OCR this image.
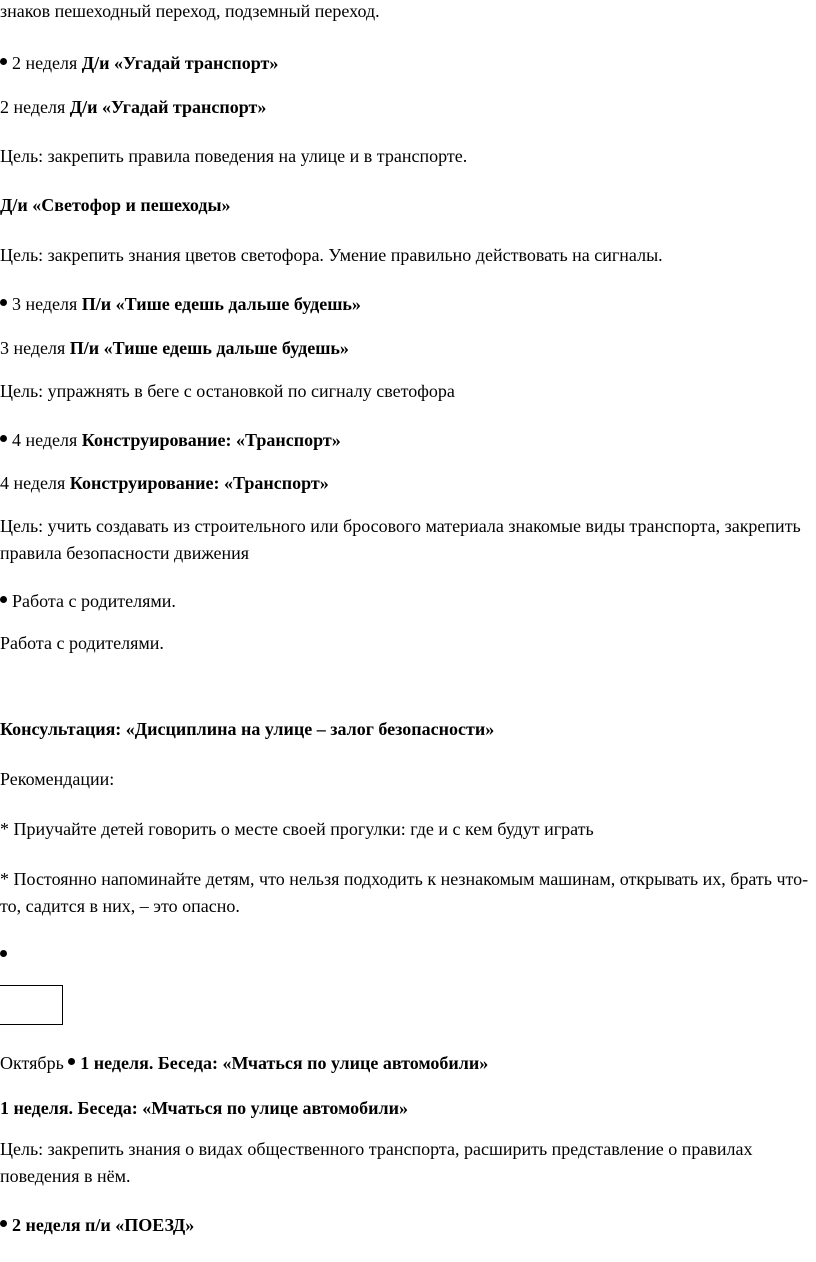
знаков пешеходный переход, подземный переход.
2 неделя Д/и «Угадай транспорт»
2 неделя Д/и «Угадай транспорт»
Цель: закрепить правила поведения на улице и в транспорте.
Д/и «Светофор и пешеходы»
Цель: закрепить знания цветов светофора. Умение правильно действовать на сигналы.
3 неделя П/и «Тише едешь дальше будешь»
3 неделя П/и «Тише едешь дальше будешь»
Цель: упражнять в беге с остановкой по сигналу светофора
4 неделя Конструирование: «Транспорт»
4 неделя Конструирование: «Транспорт»
Цель: учить создавать из строительного или бросового материала знакомые виды транспорта, закрепить правила безопасности движения
Работа с родителями.
Работа с родителями.
Консультация: «Дисциплина на улице – залог безопасности»
Рекомендации:
* Приучайте детей говорить о месте своей прогулки: где и с кем будут играть
* Постоянно напоминайте детям, что нельзя подходить к незнакомым машинам, открывать их, брать что-то, садится в них, – это опасно.
Октябрь 1 неделя. Беседа: «Мчаться по улице автомобили»
1 неделя. Беседа: «Мчаться по улице автомобили»
Цель: закрепить знания о видах общественного транспорта, расширить представление о правилах поведения в нём.
2 неделя п/и «ПОЕЗД»
